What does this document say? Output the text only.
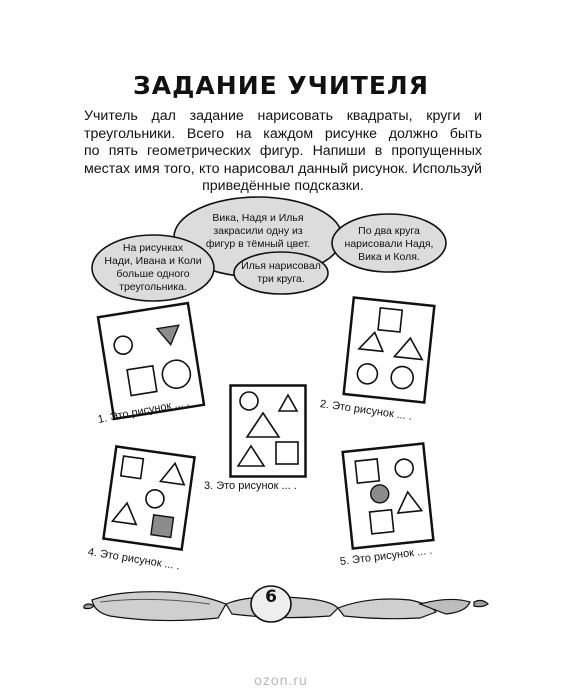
ЗАДАНИЕ УЧИТЕЛЯ
Учитель дал задание нарисовать квадраты, круги и
треугольники. Всего на каждом рисунке должно быть
по пять геометрических фигур. Напиши в пропущенных
местах имя того, кто нарисовал данный рисунок. Используй
приведённые подсказки.
На рисунках
Нади, Ивана и Коли
больше одного
треугольника.
Вика, Надя и Илья
закрасили одну из
фигур в тёмный цвет.
Илья нарисовал
три круга.
По два круга
нарисовали Надя,
Вика и Коля.
1. Это рисунок ... .	2. Это рисунок ... .
3. Это рисунок ... .
4. Это рисунок ... .	5. Это рисунок ... .
6
ozon.ru
